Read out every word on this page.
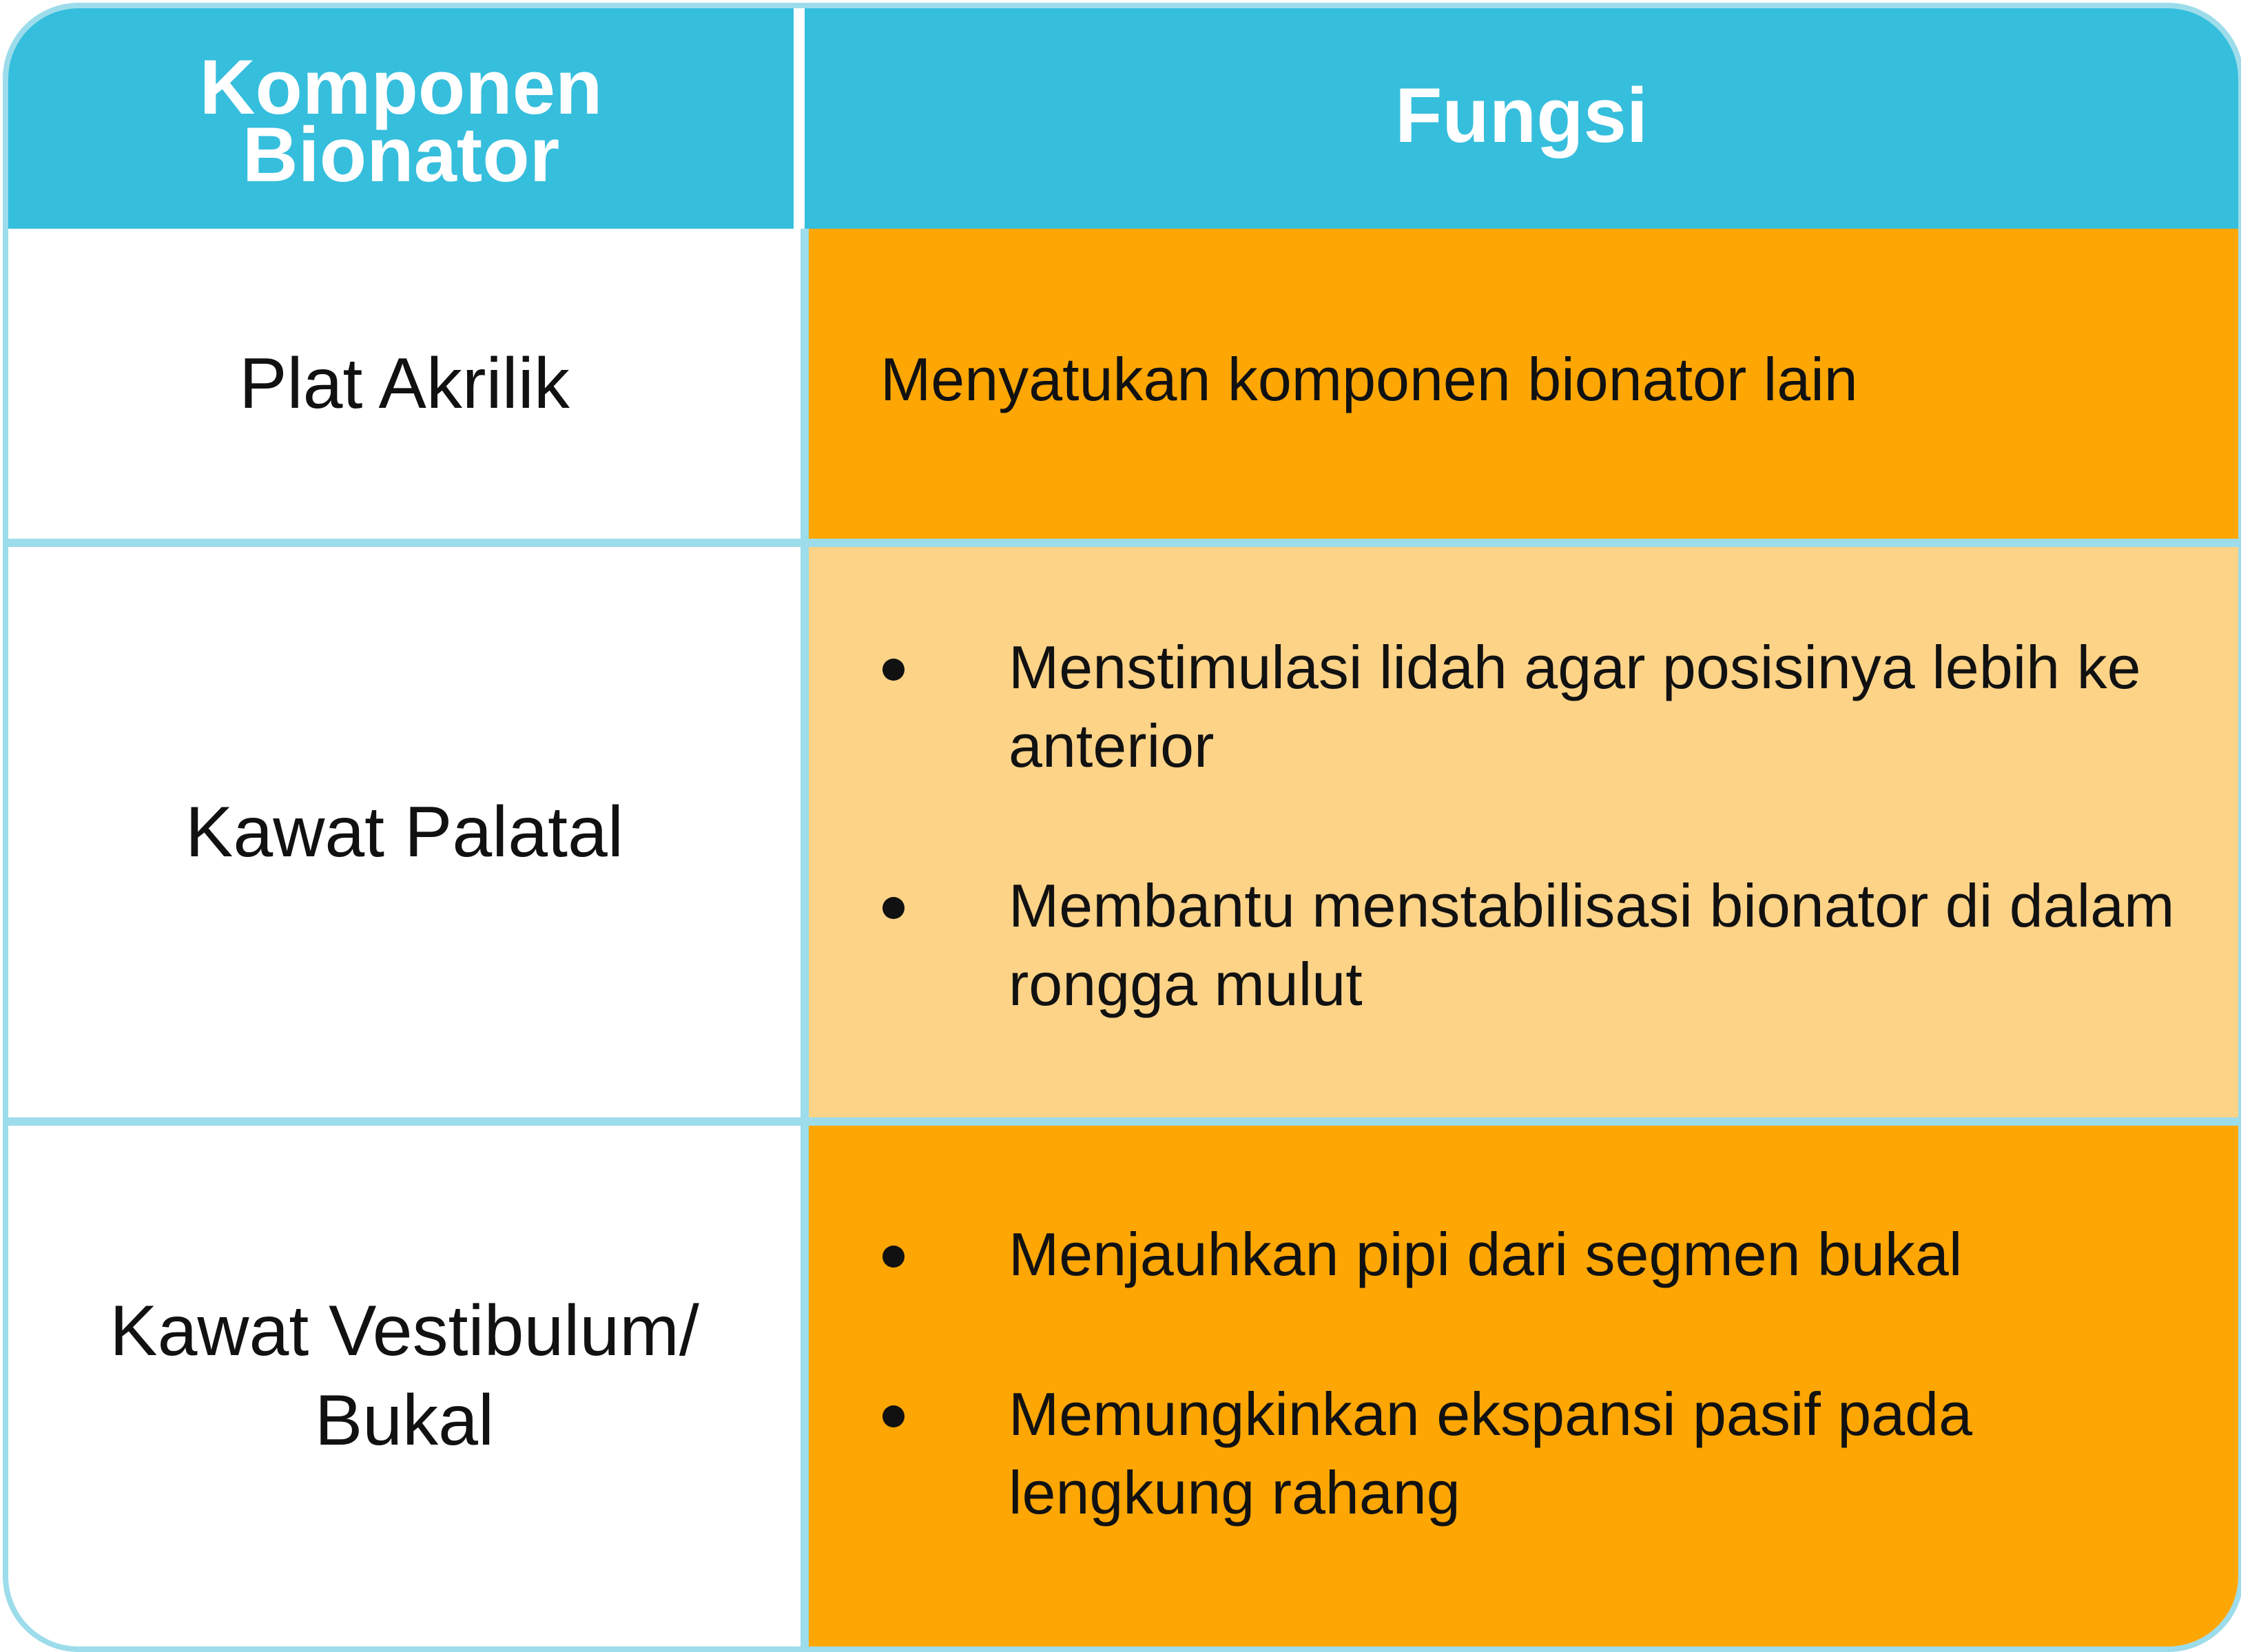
Komponen
Bionator	Fungsi
Plat Akrilik	Menyatukan komponen bionator lain
Kawat Palatal
Menstimulasi lidah agar posisinya lebih ke anterior
Membantu menstabilisasi bionator di dalam rongga mulut
Kawat Vestibulum/
Bukal
Menjauhkan pipi dari segmen bukal
Memungkinkan ekspansi pasif pada lengkung rahang
